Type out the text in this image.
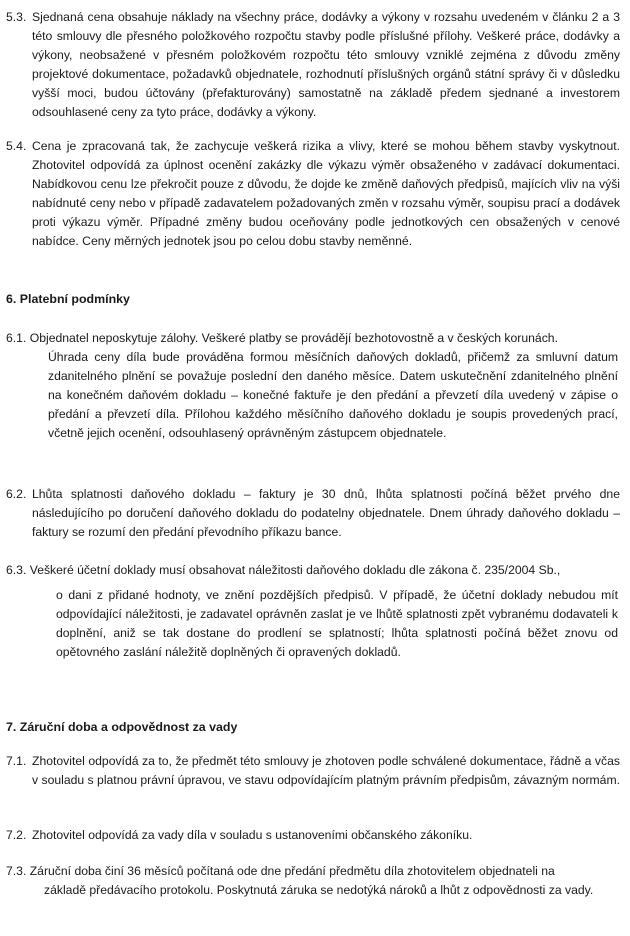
5.3. Sjednaná cena obsahuje náklady na všechny práce, dodávky a výkony v rozsahu uvedeném v článku 2 a 3 této smlouvy dle přesného položkového rozpočtu stavby podle příslušné přílohy. Veškeré práce, dodávky a výkony, neobsažené v přesném položkovém rozpočtu této smlouvy vzniklé zejména z důvodu změny projektové dokumentace, požadavků objednatele, rozhodnutí příslušných orgánů státní správy či v důsledku vyšší moci, budou účtovány (přefakturovány) samostatně na základě předem sjednané a investorem odsouhlasené ceny za tyto práce, dodávky a výkony.

5.4. Cena je zpracovaná tak, že zachycuje veškerá rizika a vlivy, které se mohou během stavby vyskytnout. Zhotovitel odpovídá za úplnost ocenění zakázky dle výkazu výměr obsaženého v zadávací dokumentaci. Nabídkovou cenu lze překročit pouze z důvodu, že dojde ke změně daňových předpisů, majících vliv na výši nabídnuté ceny nebo v případě zadavatelem požadovaných změn v rozsahu výměr, soupisu prací a dodávek proti výkazu výměr. Případné změny budou oceňovány podle jednotkových cen obsažených v cenové nabídce. Ceny měrných jednotek jsou po celou dobu stavby neměnné.

6. Platební podmínky

6.1. Objednatel neposkytuje zálohy. Veškeré platby se provádějí bezhotovostně a v českých korunách.

Úhrada ceny díla bude prováděna formou měsíčních daňových dokladů, přičemž za smluvní datum zdanitelného plnění se považuje poslední den daného měsíce. Datem uskutečnění zdanitelného plnění na konečném daňovém dokladu – konečné faktuře je den předání a převzetí díla uvedený v zápise o předání a převzetí díla. Přílohou každého měsíčního daňového dokladu je soupis provedených prací, včetně jejich ocenění, odsouhlasený oprávněným zástupcem objednatele.

6.2. Lhůta splatnosti daňového dokladu – faktury je 30 dnů, lhůta splatnosti počíná běžet prvého dne následujícího po doručení daňového dokladu do podatelny objednatele. Dnem úhrady daňového dokladu – faktury se rozumí den předání převodního příkazu bance.

6.3. Veškeré účetní doklady musí obsahovat náležitosti daňového dokladu dle zákona č. 235/2004 Sb.,

o dani z přidané hodnoty, ve znění pozdějších předpisů. V případě, že účetní doklady nebudou mít odpovídající náležitosti, je zadavatel oprávněn zaslat je ve lhůtě splatnosti zpět vybranému dodavateli k doplnění, aniž se tak dostane do prodlení se splatností; lhůta splatnosti počíná běžet znovu od opětovného zaslání náležitě doplněných či opravených dokladů.

7. Záruční doba a odpovědnost za vady
7.1. Zhotovitel odpovídá za to, že předmět této smlouvy je zhotoven podle schválené dokumentace, řádně a včas v souladu s platnou právní úpravou, ve stavu odpovídajícím platným právním předpisům, závazným normám.

7.2. Zhotovitel odpovídá za vady díla v souladu s ustanoveními občanského zákoníku.

7.3. Záruční doba činí 36 měsíců počítaná ode dne předání předmětu díla zhotovitelem objednateli na

základě předávacího protokolu. Poskytnutá záruka se nedotýká nároků a lhůt z odpovědnosti za vady.
